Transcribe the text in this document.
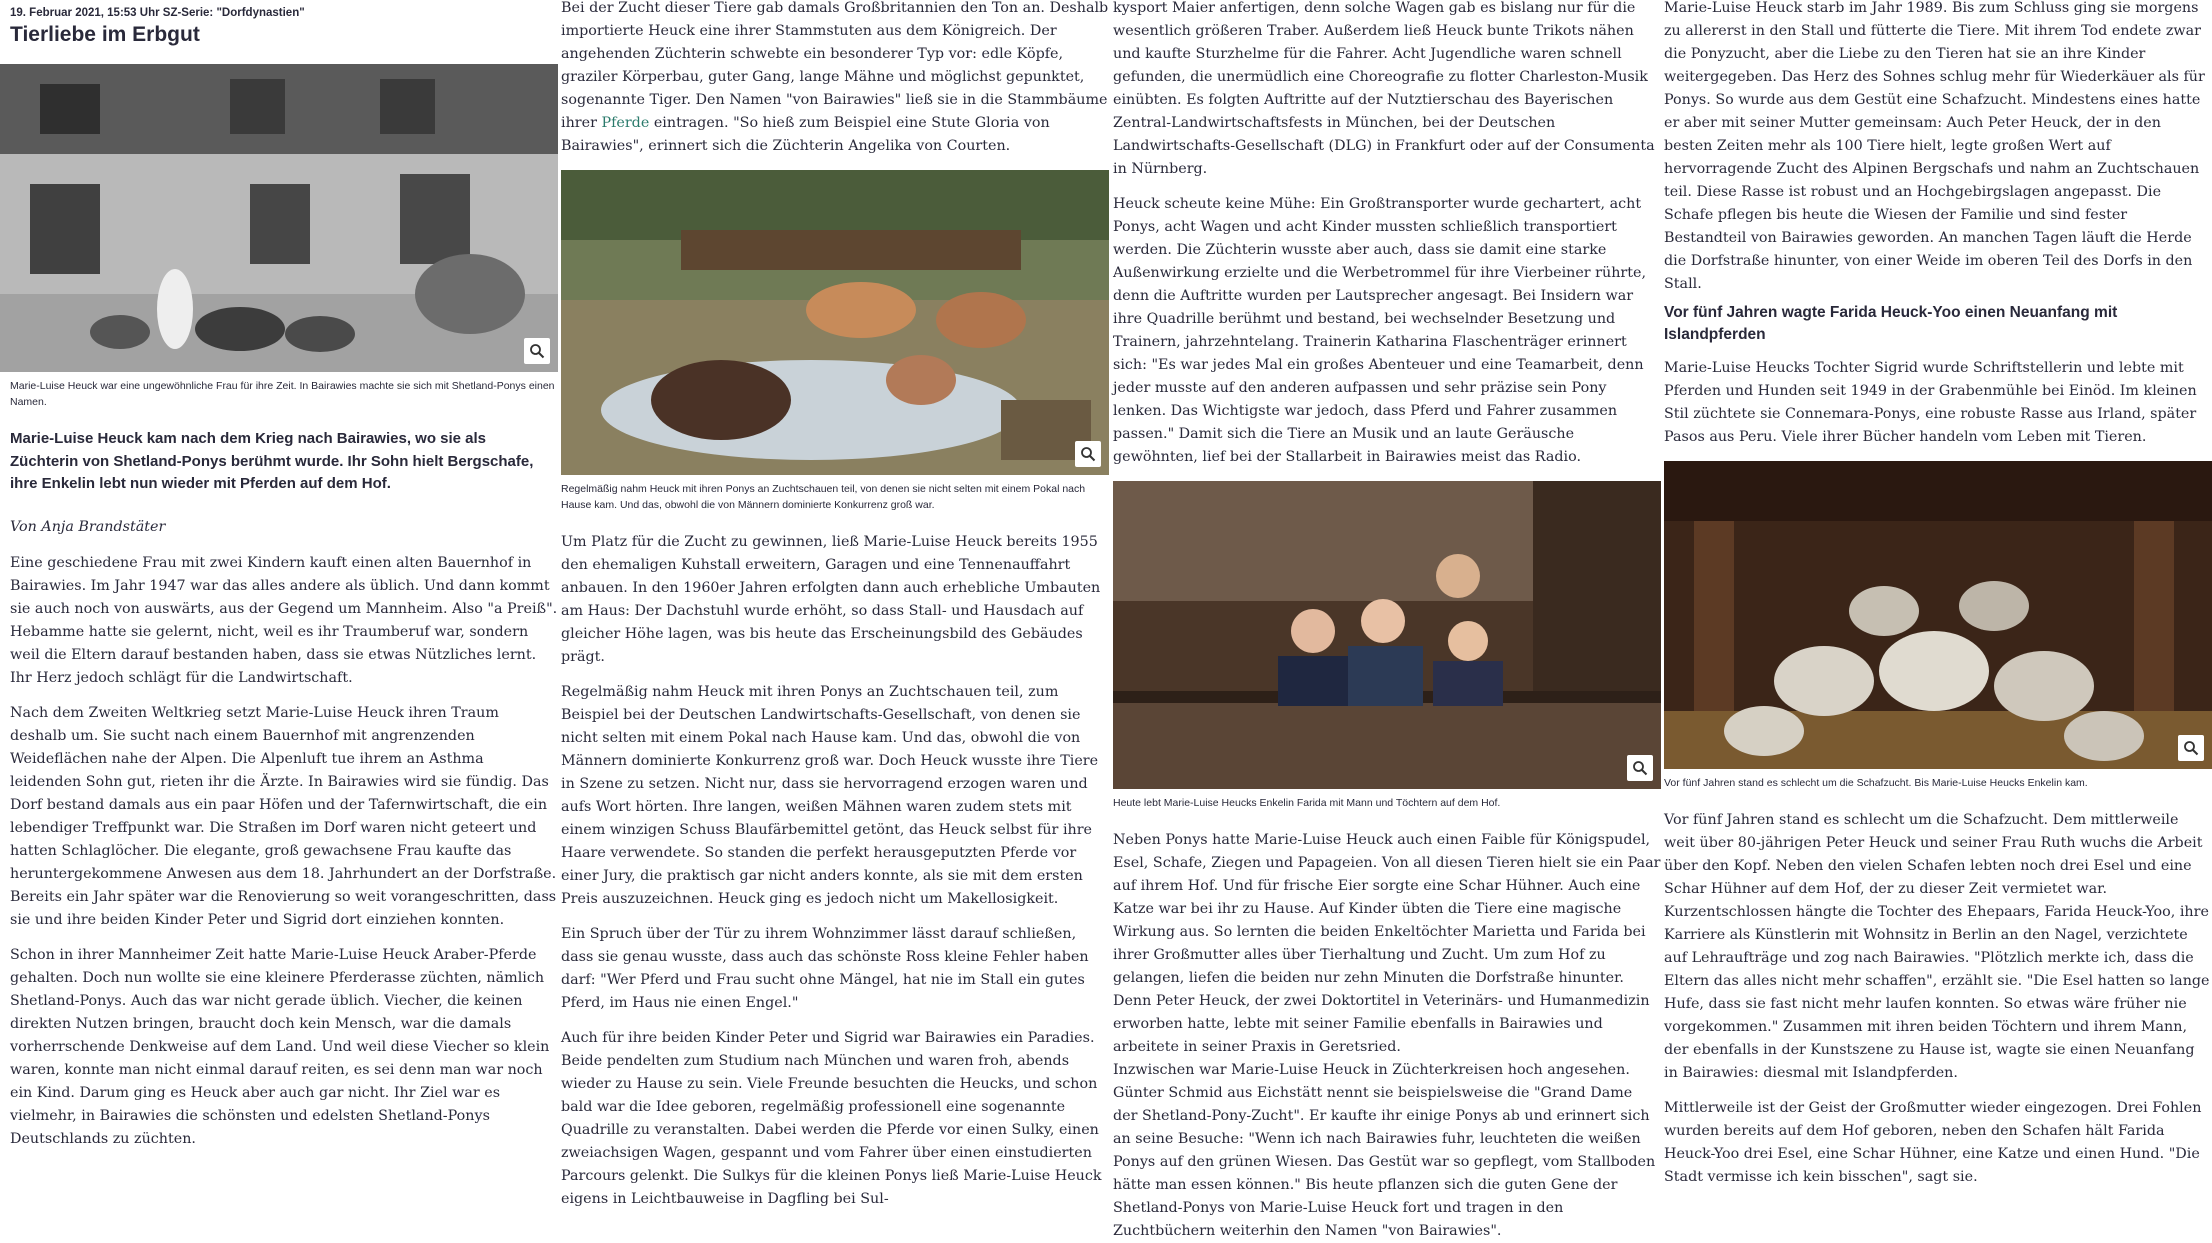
19. Februar 2021, 15:53 Uhr SZ-Serie: "Dorfdynastien"
Tierliebe im Erbgut
Marie-Luise Heuck war eine ungewöhnliche Frau für ihre Zeit. In Bairawies machte sie sich mit Shetland-Ponys einen Namen.

Marie-Luise Heuck kam nach dem Krieg nach Bairawies, wo sie als Züchterin von Shetland-Ponys berühmt wurde. Ihr Sohn hielt Bergschafe, ihre Enkelin lebt nun wieder mit Pferden auf dem Hof.

Von Anja Brandstäter

Eine geschiedene Frau mit zwei Kindern kauft einen alten Bauernhof in Bairawies. Im Jahr 1947 war das alles andere als üblich. Und dann kommt sie auch noch von auswärts, aus der Gegend um Mannheim. Also "a Preiß". Hebamme hatte sie gelernt, nicht, weil es ihr Traumberuf war, sondern weil die Eltern darauf bestanden haben, dass sie etwas Nützliches lernt. Ihr Herz jedoch schlägt für die Landwirtschaft.

Nach dem Zweiten Weltkrieg setzt Marie-Luise Heuck ihren Traum deshalb um. Sie sucht nach einem Bauernhof mit angrenzenden Weideflächen nahe der Alpen. Die Alpenluft tue ihrem an Asthma leidenden Sohn gut, rieten ihr die Ärzte. In Bairawies wird sie fündig. Das Dorf bestand damals aus ein paar Höfen und der Tafernwirtschaft, die ein lebendiger Treffpunkt war. Die Straßen im Dorf waren nicht geteert und hatten Schlaglöcher. Die elegante, groß gewachsene Frau kaufte das heruntergekommene Anwesen aus dem 18. Jahrhundert an der Dorfstraße. Bereits ein Jahr später war die Renovierung so weit vorangeschritten, dass sie und ihre beiden Kinder Peter und Sigrid dort einziehen konnten.

Schon in ihrer Mannheimer Zeit hatte Marie-Luise Heuck Araber-Pferde gehalten. Doch nun wollte sie eine kleinere Pferderasse züchten, nämlich Shetland-Ponys. Auch das war nicht gerade üblich. Viecher, die keinen direkten Nutzen bringen, braucht doch kein Mensch, war die damals vorherrschende Denkweise auf dem Land. Und weil diese Viecher so klein waren, konnte man nicht einmal darauf reiten, es sei denn man war noch ein Kind. Darum ging es Heuck aber auch gar nicht. Ihr Ziel war es vielmehr, in Bairawies die schönsten und edelsten Shetland-Ponys Deutschlands zu züchten.

Bei der Zucht dieser Tiere gab damals Großbritannien den Ton an. Deshalb importierte Heuck eine ihrer Stammstuten aus dem Königreich. Der angehenden Züchterin schwebte ein besonderer Typ vor: edle Köpfe, graziler Körperbau, guter Gang, lange Mähne und möglichst gepunktet, sogenannte Tiger. Den Namen "von Bairawies" ließ sie in die Stammbäume ihrer Pferde eintragen. "So hieß zum Beispiel eine Stute Gloria von Bairawies", erinnert sich die Züchterin Angelika von Courten.

Regelmäßig nahm Heuck mit ihren Ponys an Zuchtschauen teil, von denen sie nicht selten mit einem Pokal nach Hause kam. Und das, obwohl die von Männern dominierte Konkurrenz groß war.

Um Platz für die Zucht zu gewinnen, ließ Marie-Luise Heuck bereits 1955 den ehemaligen Kuhstall erweitern, Garagen und eine Tennenauffahrt anbauen. In den 1960er Jahren erfolgten dann auch erhebliche Umbauten am Haus: Der Dachstuhl wurde erhöht, so dass Stall- und Hausdach auf gleicher Höhe lagen, was bis heute das Erscheinungsbild des Gebäudes prägt.

Regelmäßig nahm Heuck mit ihren Ponys an Zuchtschauen teil, zum Beispiel bei der Deutschen Landwirtschafts-Gesellschaft, von denen sie nicht selten mit einem Pokal nach Hause kam. Und das, obwohl die von Männern dominierte Konkurrenz groß war. Doch Heuck wusste ihre Tiere in Szene zu setzen. Nicht nur, dass sie hervorragend erzogen waren und aufs Wort hörten. Ihre langen, weißen Mähnen waren zudem stets mit einem winzigen Schuss Blaufärbemittel getönt, das Heuck selbst für ihre Haare verwendete. So standen die perfekt herausgeputzten Pferde vor einer Jury, die praktisch gar nicht anders konnte, als sie mit dem ersten Preis auszuzeichnen. Heuck ging es jedoch nicht um Makellosigkeit.

Ein Spruch über der Tür zu ihrem Wohnzimmer lässt darauf schließen, dass sie genau wusste, dass auch das schönste Ross kleine Fehler haben darf: "Wer Pferd und Frau sucht ohne Mängel, hat nie im Stall ein gutes Pferd, im Haus nie einen Engel."

Auch für ihre beiden Kinder Peter und Sigrid war Bairawies ein Paradies. Beide pendelten zum Studium nach München und waren froh, abends wieder zu Hause zu sein. Viele Freunde besuchten die Heucks, und schon bald war die Idee geboren, regelmäßig professionell eine sogenannte Quadrille zu veranstalten. Dabei werden die Pferde vor einen Sulky, einen zweiachsigen Wagen, gespannt und vom Fahrer über einen einstudierten Parcours gelenkt. Die Sulkys für die kleinen Ponys ließ Marie-Luise Heuck eigens in Leichtbauweise in Dagfling bei Sul-

kysport Maier anfertigen, denn solche Wagen gab es bislang nur für die wesentlich größeren Traber. Außerdem ließ Heuck bunte Trikots nähen und kaufte Sturzhelme für die Fahrer. Acht Jugendliche waren schnell gefunden, die unermüdlich eine Choreografie zu flotter Charleston-Musik einübten. Es folgten Auftritte auf der Nutztierschau des Bayerischen Zentral-Landwirtschaftsfests in München, bei der Deutschen Landwirtschafts-Gesellschaft (DLG) in Frankfurt oder auf der Consumenta in Nürnberg.

Heuck scheute keine Mühe: Ein Großtransporter wurde gechartert, acht Ponys, acht Wagen und acht Kinder mussten schließlich transportiert werden. Die Züchterin wusste aber auch, dass sie damit eine starke Außenwirkung erzielte und die Werbetrommel für ihre Vierbeiner rührte, denn die Auftritte wurden per Lautsprecher angesagt. Bei Insidern war ihre Quadrille berühmt und bestand, bei wechselnder Besetzung und Trainern, jahrzehntelang. Trainerin Katharina Flaschenträger erinnert sich: "Es war jedes Mal ein großes Abenteuer und eine Teamarbeit, denn jeder musste auf den anderen aufpassen und sehr präzise sein Pony lenken. Das Wichtigste war jedoch, dass Pferd und Fahrer zusammen passen." Damit sich die Tiere an Musik und an laute Geräusche gewöhnten, lief bei der Stallarbeit in Bairawies meist das Radio.

Heute lebt Marie-Luise Heucks Enkelin Farida mit Mann und Töchtern auf dem Hof.

Neben Ponys hatte Marie-Luise Heuck auch einen Faible für Königspudel, Esel, Schafe, Ziegen und Papageien. Von all diesen Tieren hielt sie ein Paar auf ihrem Hof. Und für frische Eier sorgte eine Schar Hühner. Auch eine Katze war bei ihr zu Hause. Auf Kinder übten die Tiere eine magische Wirkung aus. So lernten die beiden Enkeltöchter Marietta und Farida bei ihrer Großmutter alles über Tierhaltung und Zucht. Um zum Hof zu gelangen, liefen die beiden nur zehn Minuten die Dorfstraße hinunter. Denn Peter Heuck, der zwei Doktortitel in Veterinärs- und Humanmedizin erworben hatte, lebte mit seiner Familie ebenfalls in Bairawies und arbeitete in seiner Praxis in Geretsried.

Inzwischen war Marie-Luise Heuck in Züchterkreisen hoch angesehen. Günter Schmid aus Eichstätt nennt sie beispielsweise die "Grand Dame der Shetland-Pony-Zucht". Er kaufte ihr einige Ponys ab und erinnert sich an seine Besuche: "Wenn ich nach Bairawies fuhr, leuchteten die weißen Ponys auf den grünen Wiesen. Das Gestüt war so gepflegt, vom Stallboden hätte man essen können." Bis heute pflanzen sich die guten Gene der Shetland-Ponys von Marie-Luise Heuck fort und tragen in den Zuchtbüchern weiterhin den Namen "von Bairawies".

Marie-Luise Heuck starb im Jahr 1989. Bis zum Schluss ging sie morgens zu allererst in den Stall und fütterte die Tiere. Mit ihrem Tod endete zwar die Ponyzucht, aber die Liebe zu den Tieren hat sie an ihre Kinder weitergegeben. Das Herz des Sohnes schlug mehr für Wiederkäuer als für Ponys. So wurde aus dem Gestüt eine Schafzucht. Mindestens eines hatte er aber mit seiner Mutter gemeinsam: Auch Peter Heuck, der in den besten Zeiten mehr als 100 Tiere hielt, legte großen Wert auf hervorragende Zucht des Alpinen Bergschafs und nahm an Zuchtschauen teil. Diese Rasse ist robust und an Hochgebirgslagen angepasst. Die Schafe pflegen bis heute die Wiesen der Familie und sind fester Bestandteil von Bairawies geworden. An manchen Tagen läuft die Herde die Dorfstraße hinunter, von einer Weide im oberen Teil des Dorfs in den Stall.

Vor fünf Jahren wagte Farida Heuck-Yoo einen Neuanfang mit Islandpferden

Marie-Luise Heucks Tochter Sigrid wurde Schriftstellerin und lebte mit Pferden und Hunden seit 1949 in der Grabenmühle bei Einöd. Im kleinen Stil züchtete sie Connemara-Ponys, eine robuste Rasse aus Irland, später Pasos aus Peru. Viele ihrer Bücher handeln vom Leben mit Tieren.

Vor fünf Jahren stand es schlecht um die Schafzucht. Bis Marie-Luise Heucks Enkelin kam.

Vor fünf Jahren stand es schlecht um die Schafzucht. Dem mittlerweile weit über 80-jährigen Peter Heuck und seiner Frau Ruth wuchs die Arbeit über den Kopf. Neben den vielen Schafen lebten noch drei Esel und eine Schar Hühner auf dem Hof, der zu dieser Zeit vermietet war. Kurzentschlossen hängte die Tochter des Ehepaars, Farida Heuck-Yoo, ihre Karriere als Künstlerin mit Wohnsitz in Berlin an den Nagel, verzichtete auf Lehraufträge und zog nach Bairawies. "Plötzlich merkte ich, dass die Eltern das alles nicht mehr schaffen", erzählt sie. "Die Esel hatten so lange Hufe, dass sie fast nicht mehr laufen konnten. So etwas wäre früher nie vorgekommen." Zusammen mit ihren beiden Töchtern und ihrem Mann, der ebenfalls in der Kunstszene zu Hause ist, wagte sie einen Neuanfang in Bairawies: diesmal mit Islandpferden.

Mittlerweile ist der Geist der Großmutter wieder eingezogen. Drei Fohlen wurden bereits auf dem Hof geboren, neben den Schafen hält Farida Heuck-Yoo drei Esel, eine Schar Hühner, eine Katze und einen Hund. "Die Stadt vermisse ich kein bisschen", sagt sie.
